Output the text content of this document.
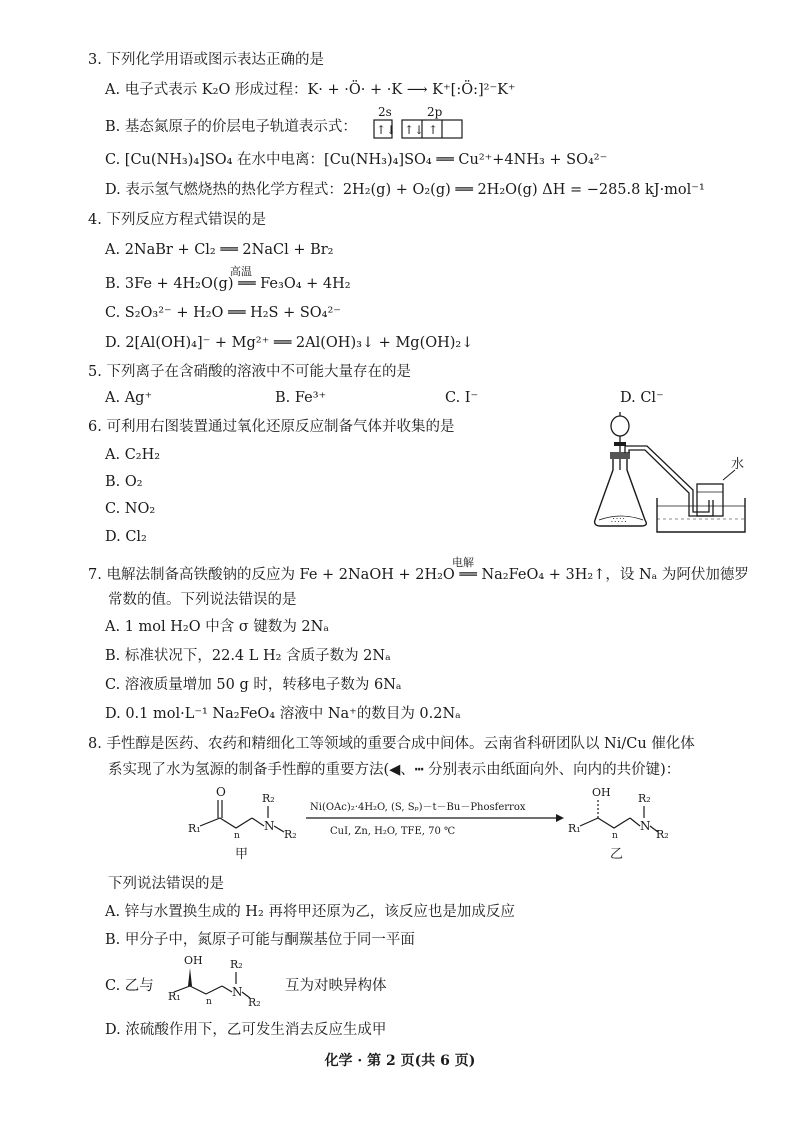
3. 下列化学用语或图示表达正确的是
A. 电子式表示 K₂O 形成过程：K· + ·Ö· + ·K ⟶ K⁺[:Ö:]²⁻K⁺
B. 基态氮原子的价层电子轨道表示式：
2s	2p
↑↓ ↑↓ ↑
C. [Cu(NH₃)₄]SO₄ 在水中电离：[Cu(NH₃)₄]SO₄ ══ Cu²⁺+4NH₃ + SO₄²⁻
D. 表示氢气燃烧热的热化学方程式：2H₂(g) + O₂(g) ══ 2H₂O(g) ΔH = −285.8 kJ·mol⁻¹
4. 下列反应方程式错误的是
A. 2NaBr + Cl₂ ══ 2NaCl + Br₂
高温
B. 3Fe + 4H₂O(g) ══ Fe₃O₄ + 4H₂
C. S₂O₃²⁻ + H₂O ══ H₂S + SO₄²⁻
D. 2[Al(OH)₄]⁻ + Mg²⁺ ══ 2Al(OH)₃↓ + Mg(OH)₂↓
5. 下列离子在含硝酸的溶液中不可能大量存在的是
A. Ag⁺	B. Fe³⁺	C. I⁻	D. Cl⁻
6. 可利用右图装置通过氧化还原反应制备气体并收集的是
A. C₂H₂
B. O₂
C. NO₂
D. Cl₂
∴∵∴
水
电解
7. 电解法制备高铁酸钠的反应为 Fe + 2NaOH + 2H₂O ══ Na₂FeO₄ + 3H₂↑，设 Nₐ 为阿伏加德罗
常数的值。下列说法错误的是
A. 1 mol H₂O 中含 σ 键数为 2Nₐ
B. 标准状况下，22.4 L H₂ 含质子数为 2Nₐ
C. 溶液质量增加 50 g 时，转移电子数为 6Nₐ
D. 0.1 mol·L⁻¹ Na₂FeO₄ 溶液中 Na⁺的数目为 0.2Nₐ
8. 手性醇是医药、农药和精细化工等领域的重要合成中间体。云南省科研团队以 Ni/Cu 催化体
系实现了水为氢源的制备手性醇的重要方法(◀、┅ 分别表示由纸面向外、向内的共价键)：
O
R₁
n
N
R₂
R₂
甲
Ni(OAc)₂·4H₂O, (S, Sₚ)－t－Bu－Phosferrox
CuI, Zn, H₂O, TFE, 70 ℃
OH
R₁
n
N
R₂
R₂
乙
下列说法错误的是
A. 锌与水置换生成的 H₂ 再将甲还原为乙，该反应也是加成反应
B. 甲分子中，氮原子可能与酮羰基位于同一平面
C. 乙与
OH
R₁	n
N
R₂
R₂
互为对映异构体
D. 浓硫酸作用下，乙可发生消去反应生成甲
化学 · 第 2 页(共 6 页)
